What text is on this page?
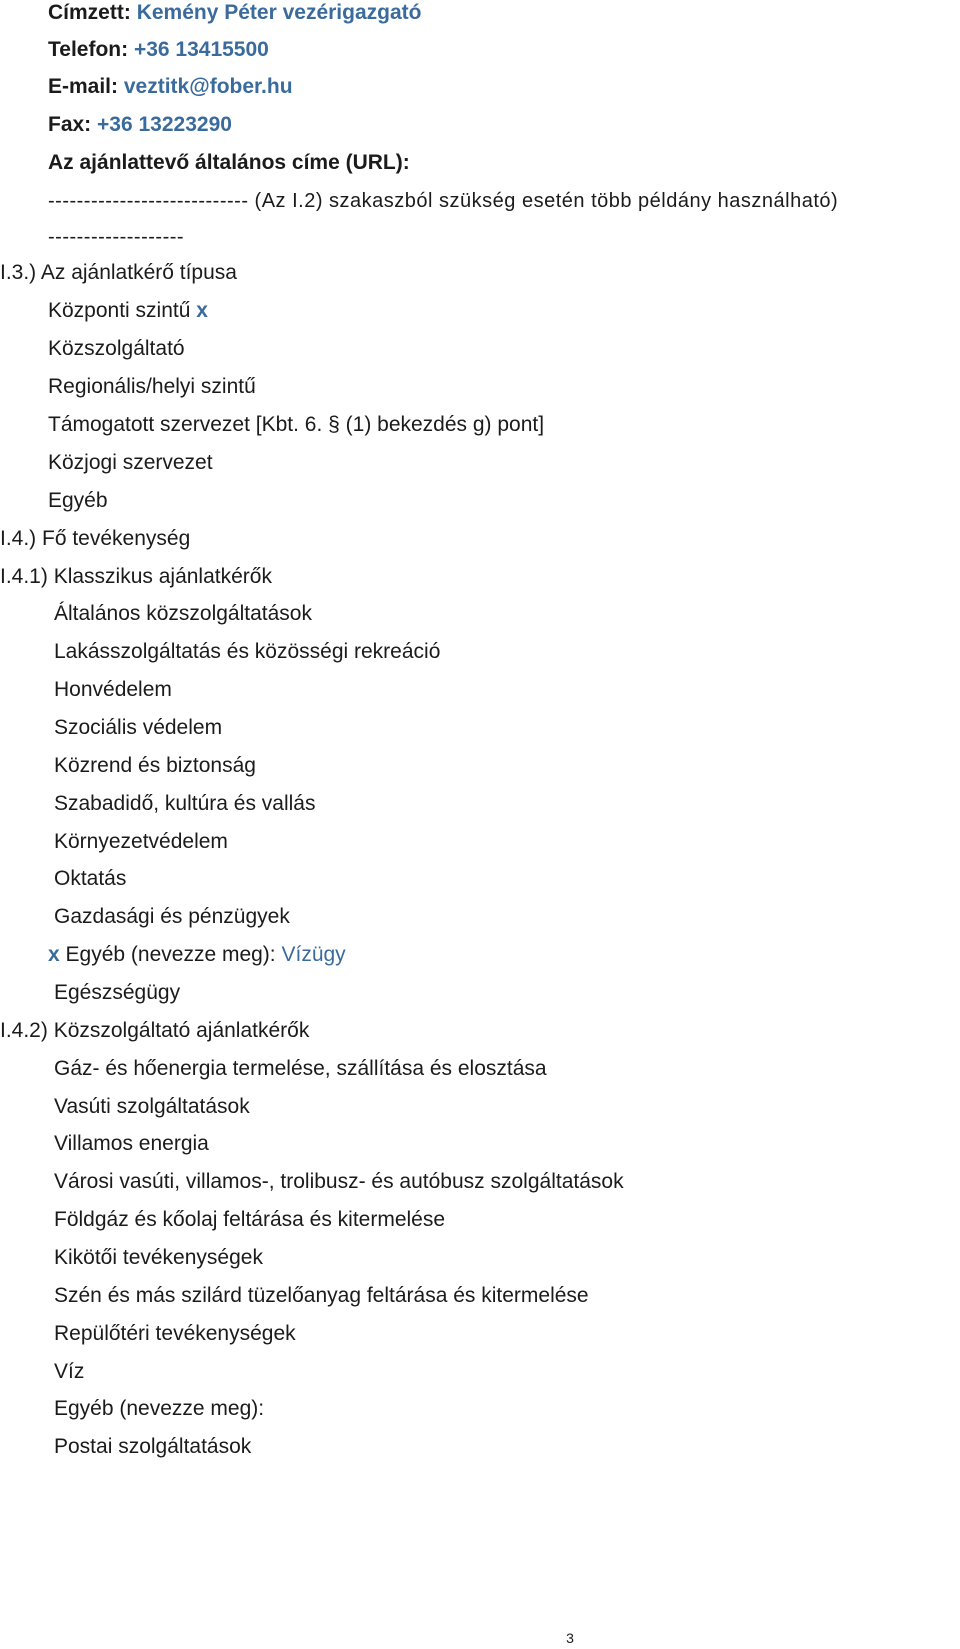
Címzett: Kemény Péter vezérigazgató
Telefon: +36 13415500
E-mail: veztitk@fober.hu
Fax: +36 13223290
Az ajánlattevő általános címe (URL):
---------------------------- (Az I.2) szakaszból szükség esetén több példány használható)
-------------------
I.3.) Az ajánlatkérő típusa
Központi szintű x
Közszolgáltató
Regionális/helyi szintű
Támogatott szervezet [Kbt. 6. § (1) bekezdés g) pont]
Közjogi szervezet
Egyéb
I.4.) Fő tevékenység
I.4.1) Klasszikus ajánlatkérők
Általános közszolgáltatások
Lakásszolgáltatás és közösségi rekreáció
Honvédelem
Szociális védelem
Közrend és biztonság
Szabadidő, kultúra és vallás
Környezetvédelem
Oktatás
Gazdasági és pénzügyek
x Egyéb (nevezze meg): Vízügy
Egészségügy
I.4.2) Közszolgáltató ajánlatkérők
Gáz- és hőenergia termelése, szállítása és elosztása
Vasúti szolgáltatások
Villamos energia
Városi vasúti, villamos-, trolibusz- és autóbusz szolgáltatások
Földgáz és kőolaj feltárása és kitermelése
Kikötői tevékenységek
Szén és más szilárd tüzelőanyag feltárása és kitermelése
Repülőtéri tevékenységek
Víz
Egyéb (nevezze meg):
Postai szolgáltatások
3
